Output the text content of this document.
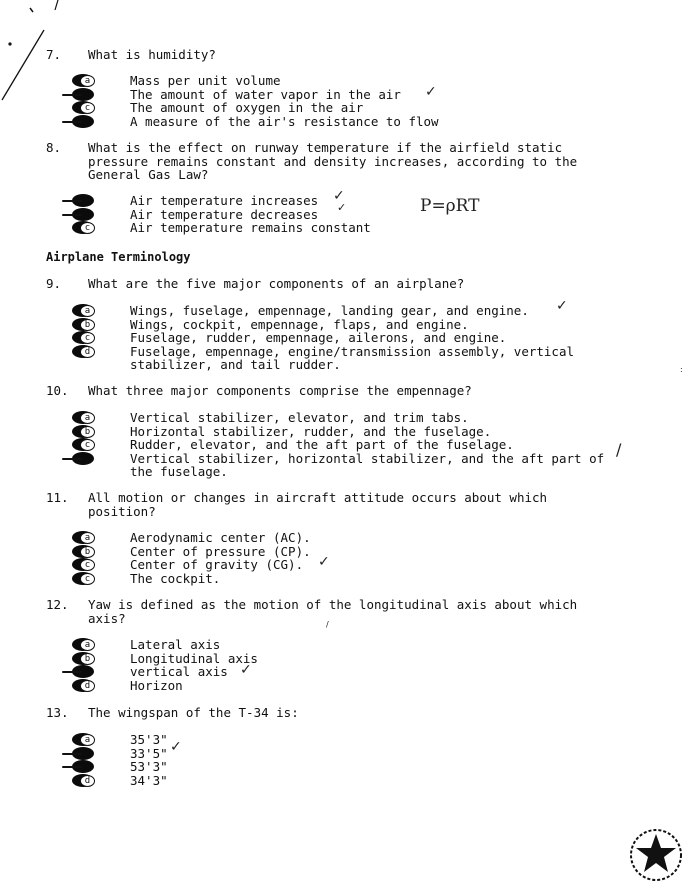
7. What is humidity?
a
c
Mass per unit volume
The amount of water vapor in the air
The amount of oxygen in the air
A measure of the air's resistance to flow
✓
8. What is the effect on runway temperature if the airfield static pressure remains constant and density increases, according to the General Gas Law?
c
Air temperature increases
Air temperature decreases
Air temperature remains constant
✓
✓	P=ρRT
Airplane Terminology
9. What are the five major components of an airplane?
a
b
c
d
Wings, fuselage, empennage, landing gear, and engine.
Wings, cockpit, empennage, flaps, and engine.
Fuselage, rudder, empennage, ailerons, and engine.
Fuselage, empennage, engine/transmission assembly, vertical stabilizer, and tail rudder.
✓
10. What three major components comprise the empennage?
a
b
c
Vertical stabilizer, elevator, and trim tabs.
Horizontal stabilizer, rudder, and the fuselage.
Rudder, elevator, and the aft part of the fuselage.
Vertical stabilizer, horizontal stabilizer, and the aft part of the fuselage.
/
11. All motion or changes in aircraft attitude occurs about which position?
a
b
c
c
Aerodynamic center (AC).
Center of pressure (CP).
Center of gravity (CG).
The cockpit.
✓
12. Yaw is defined as the motion of the longitudinal axis about which axis?
a
b
d
Lateral axis
Longitudinal axis
vertical axis
Horizon
✓
13. The wingspan of the T-34 is:
a
d
35'3"
33'5"
53'3"
34'3"
✓
/
:
